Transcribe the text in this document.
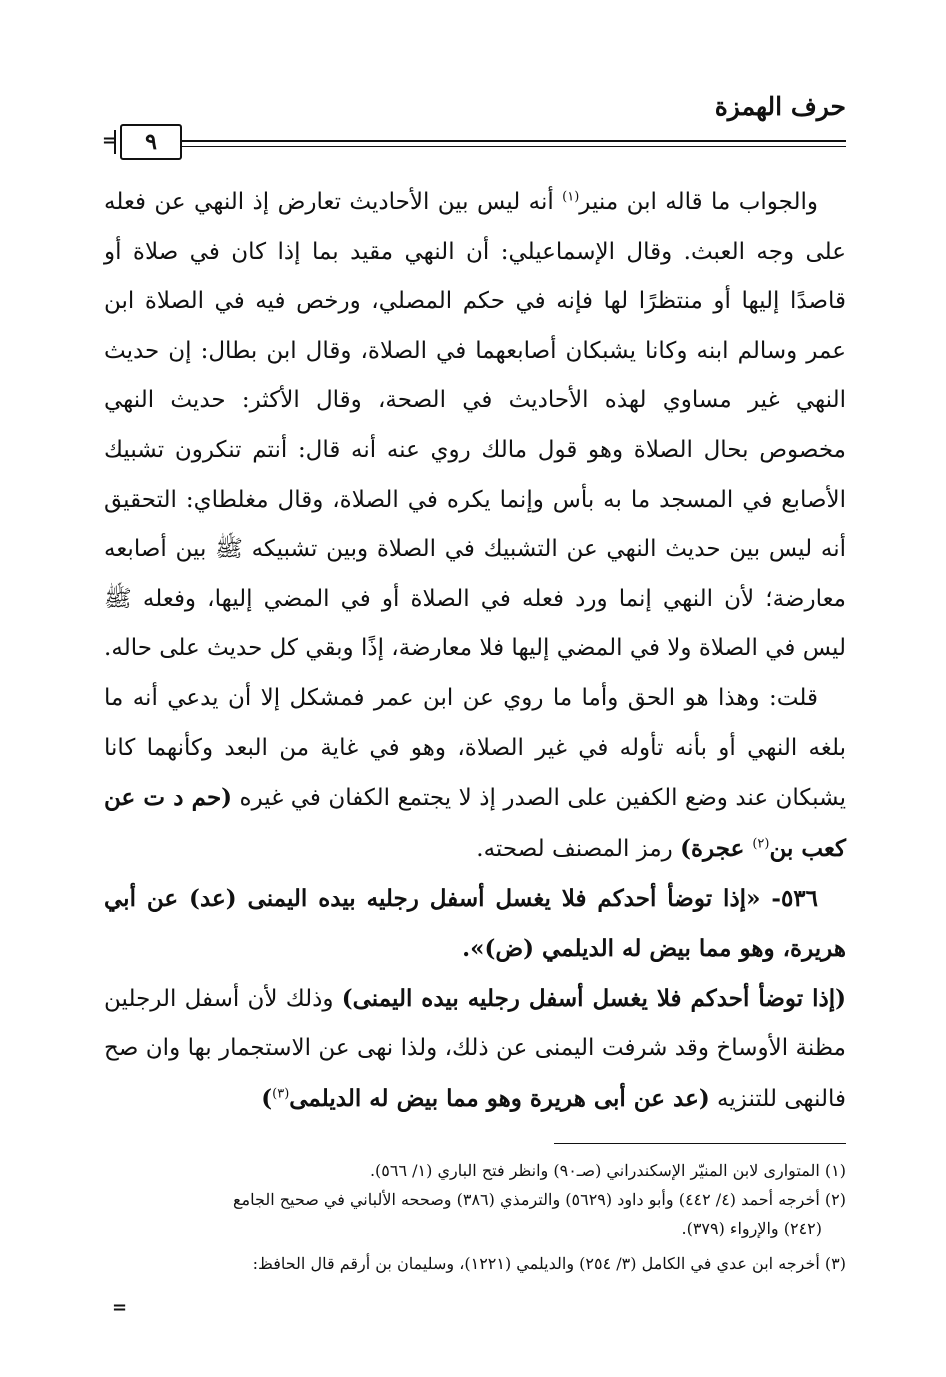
حرف الهمزة
=	٩

والجواب ما قاله ابن منير$^{(١)}$ أنه ليس بين الأحاديث تعارض إذ النهي عن فعله على وجه العبث. وقال الإسماعيلي: أن النهي مقيد بما إذا كان في صلاة أو قاصدًا إليها أو منتظرًا لها فإنه في حكم المصلي، ورخص فيه في الصلاة ابن عمر وسالم ابنه وكانا يشبكان أصابعهما في الصلاة، وقال ابن بطال: إن حديث النهي غير مساوي لهذه الأحاديث في الصحة، وقال الأكثر: حديث النهي مخصوص بحال الصلاة وهو قول مالك روي عنه أنه قال: أنتم تنكرون تشبيك الأصابع في المسجد ما به بأس وإنما يكره في الصلاة، وقال مغلطاي: التحقيق أنه ليس بين حديث النهي عن التشبيك في الصلاة وبين تشبيكه ﷺ بين أصابعه معارضة؛ لأن النهي إنما ورد فعله في الصلاة أو في المضي إليها، وفعله ﷺ ليس في الصلاة ولا في المضي إليها فلا معارضة، إذًا وبقي كل حديث على حاله.

قلت: وهذا هو الحق وأما ما روي عن ابن عمر فمشكل إلا أن يدعي أنه ما بلغه النهي أو بأنه تأوله في غير الصلاة، وهو في غاية من البعد وكأنهما كانا يشبكان عند وضع الكفين على الصدر إذ لا يجتمع الكفان في غيره (حم د ت عن كعب بن$^{(٢)}$ عجرة) رمز المصنف لصحته.

٥٣٦- «إذا توضأ أحدكم فلا يغسل أسفل رجليه بيده اليمنى (عد) عن أبي هريرة، وهو مما بيض له الديلمي (ض)».

(إذا توضأ أحدكم فلا يغسل أسفل رجليه بيده اليمنى) وذلك لأن أسفل الرجلين مظنة الأوساخ وقد شرفت اليمنى عن ذلك، ولذا نهى عن الاستجمار بها وان صح فالنهى للتنزيه (عد عن أبى هريرة وهو مما بيض له الديلمى$^{(٣)}$)

(١) المتوارى لابن المنيّر الإسكندراني (صـ٩٠) وانظر فتح الباري (١/ ٥٦٦).

(٢) أخرجه أحمد (٤/ ٤٤٢) وأبو داود (٥٦٢٩) والترمذي (٣٨٦) وصححه الألباني في صحيح الجامع

(٢٤٢) والإرواء (٣٧٩).

(٣) أخرجه ابن عدي في الكامل (٣/ ٢٥٤) والديلمي (١٢٢١)، وسليمان بن أرقم قال الحافظ:

=
